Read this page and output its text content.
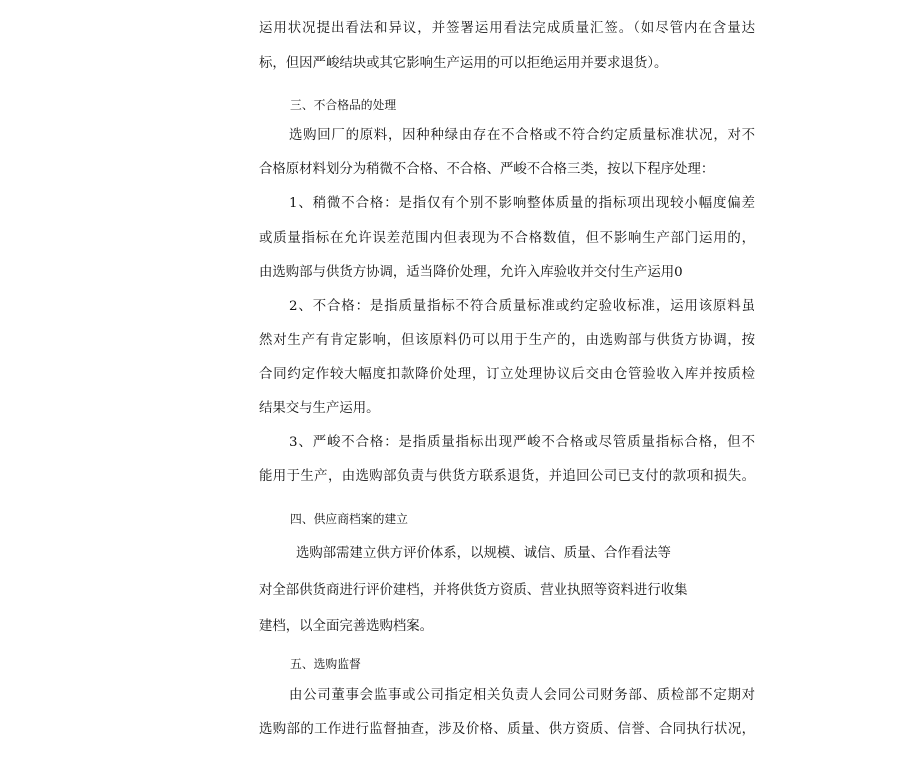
运用状况提出看法和异议，并签署运用看法完成质量汇签。（如尽管内在含量达
标，但因严峻结块或其它影响生产运用的可以拒绝运用并要求退货）。
三、不合格品的处理
选购回厂的原料，因种种绿由存在不合格或不符合约定质量标准状况，对不
合格原材料划分为稍微不合格、不合格、严峻不合格三类，按以下程序处理：
1、稍微不合格：是指仅有个别不影响整体质量的指标项出现较小幅度偏差
或质量指标在允许误差范围内但表现为不合格数值，但不影响生产部门运用的，
由选购部与供货方协调，适当降价处理，允许入库验收并交付生产运用0
2、不合格：是指质量指标不符合质量标准或约定验收标准，运用该原料虽
然对生产有肯定影响，但该原料仍可以用于生产的，由选购部与供货方协调，按
合同约定作较大幅度扣款降价处理，订立处理协议后交由仓管验收入库并按质检
结果交与生产运用。
3、严峻不合格：是指质量指标出现严峻不合格或尽管质量指标合格，但不
能用于生产，由选购部负责与供货方联系退货，并追回公司已支付的款项和损失。
四、供应商档案的建立
选购部需建立供方评价体系，以规模、诚信、质量、合作看法等
对全部供货商进行评价建档，并将供货方资质、营业执照等资料进行收集
建档，以全面完善选购档案。
五、选购监督
由公司董事会监事或公司指定相关负责人会同公司财务部、质检部不定期对
选购部的工作进行监督抽查，涉及价格、质量、供方资质、信誉、合同执行状况，
